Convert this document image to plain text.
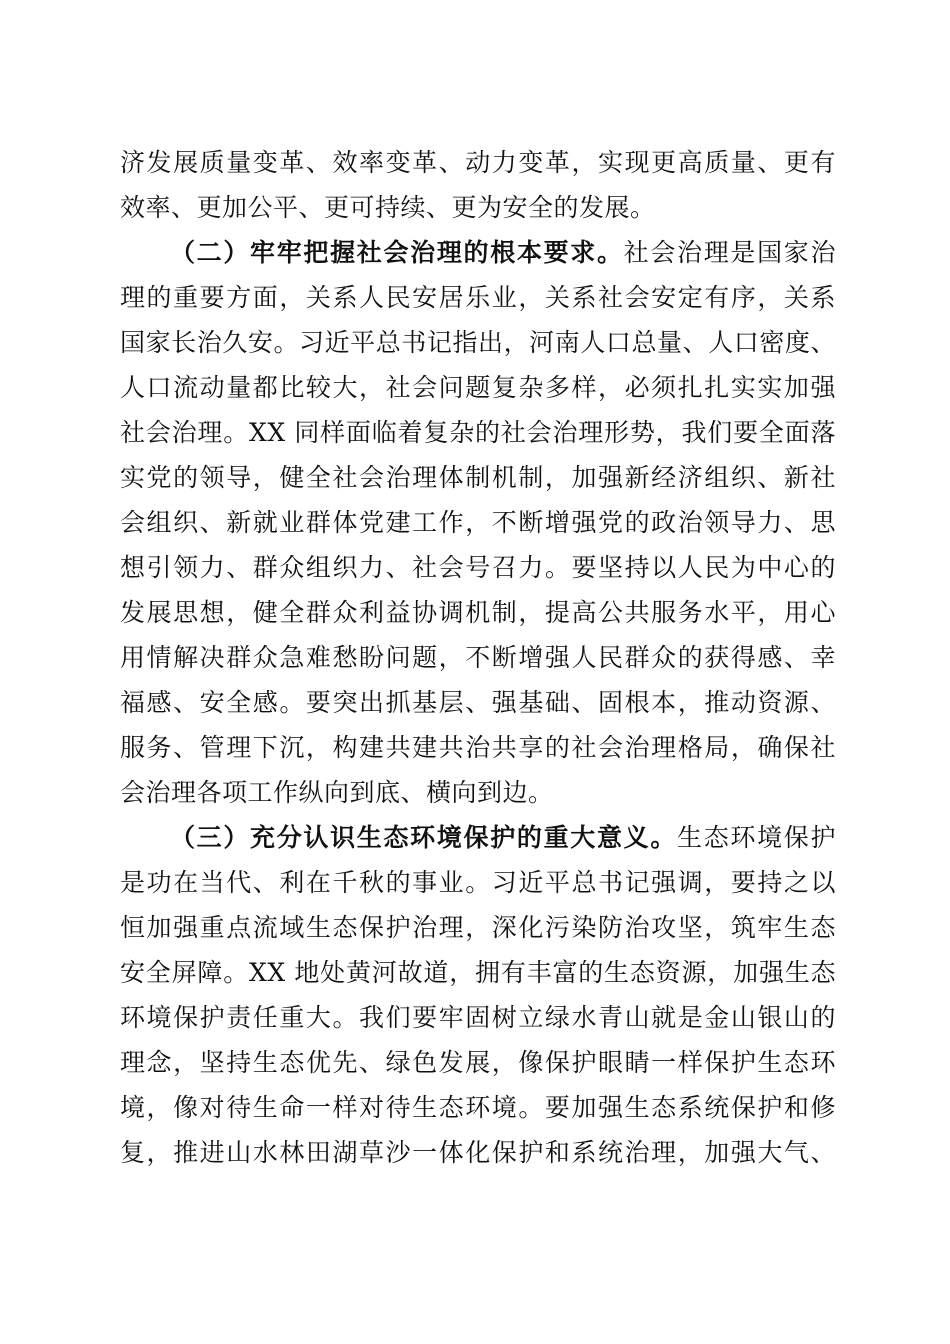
济发展质量变革、效率变革、动力变革，实现更高质量、更有
效率、更加公平、更可持续、更为安全的发展。
（二）牢牢把握社会治理的根本要求。社会治理是国家治
理的重要方面，关系人民安居乐业，关系社会安定有序，关系
国家长治久安。习近平总书记指出，河南人口总量、人口密度、
人口流动量都比较大，社会问题复杂多样，必须扎扎实实加强
社会治理。XX 同样面临着复杂的社会治理形势，我们要全面落
实党的领导，健全社会治理体制机制，加强新经济组织、新社
会组织、新就业群体党建工作，不断增强党的政治领导力、思
想引领力、群众组织力、社会号召力。要坚持以人民为中心的
发展思想，健全群众利益协调机制，提高公共服务水平，用心
用情解决群众急难愁盼问题，不断增强人民群众的获得感、幸
福感、安全感。要突出抓基层、强基础、固根本，推动资源、
服务、管理下沉，构建共建共治共享的社会治理格局，确保社
会治理各项工作纵向到底、横向到边。
（三）充分认识生态环境保护的重大意义。生态环境保护
是功在当代、利在千秋的事业。习近平总书记强调，要持之以
恒加强重点流域生态保护治理，深化污染防治攻坚，筑牢生态
安全屏障。XX 地处黄河故道，拥有丰富的生态资源，加强生态
环境保护责任重大。我们要牢固树立绿水青山就是金山银山的
理念，坚持生态优先、绿色发展，像保护眼睛一样保护生态环
境，像对待生命一样对待生态环境。要加强生态系统保护和修
复，推进山水林田湖草沙一体化保护和系统治理，加强大气、
